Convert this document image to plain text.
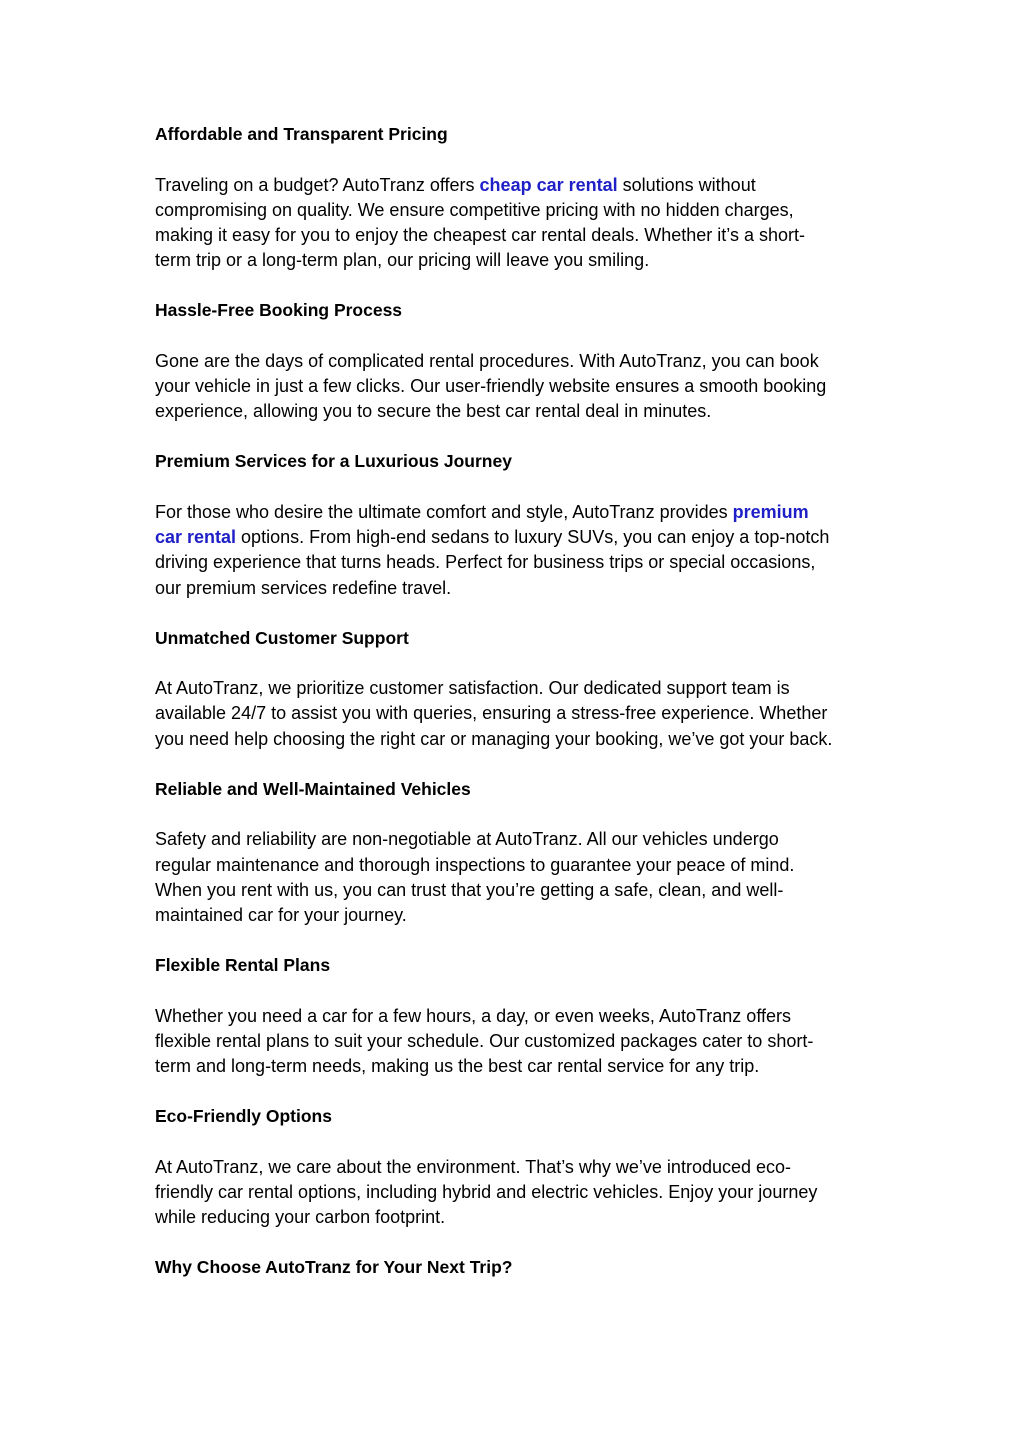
Affordable and Transparent Pricing
Traveling on a budget? AutoTranz offers cheap car rental solutions without
compromising on quality. We ensure competitive pricing with no hidden charges,
making it easy for you to enjoy the cheapest car rental deals. Whether it’s a short-
term trip or a long-term plan, our pricing will leave you smiling.
Hassle-Free Booking Process
Gone are the days of complicated rental procedures. With AutoTranz, you can book
your vehicle in just a few clicks. Our user-friendly website ensures a smooth booking
experience, allowing you to secure the best car rental deal in minutes.
Premium Services for a Luxurious Journey
For those who desire the ultimate comfort and style, AutoTranz provides premium
car rental options. From high-end sedans to luxury SUVs, you can enjoy a top-notch
driving experience that turns heads. Perfect for business trips or special occasions,
our premium services redefine travel.
Unmatched Customer Support
At AutoTranz, we prioritize customer satisfaction. Our dedicated support team is
available 24/7 to assist you with queries, ensuring a stress-free experience. Whether
you need help choosing the right car or managing your booking, we’ve got your back.
Reliable and Well-Maintained Vehicles
Safety and reliability are non-negotiable at AutoTranz. All our vehicles undergo
regular maintenance and thorough inspections to guarantee your peace of mind.
When you rent with us, you can trust that you’re getting a safe, clean, and well-
maintained car for your journey.
Flexible Rental Plans
Whether you need a car for a few hours, a day, or even weeks, AutoTranz offers
flexible rental plans to suit your schedule. Our customized packages cater to short-
term and long-term needs, making us the best car rental service for any trip.
Eco-Friendly Options
At AutoTranz, we care about the environment. That’s why we’ve introduced eco-
friendly car rental options, including hybrid and electric vehicles. Enjoy your journey
while reducing your carbon footprint.
Why Choose AutoTranz for Your Next Trip?
